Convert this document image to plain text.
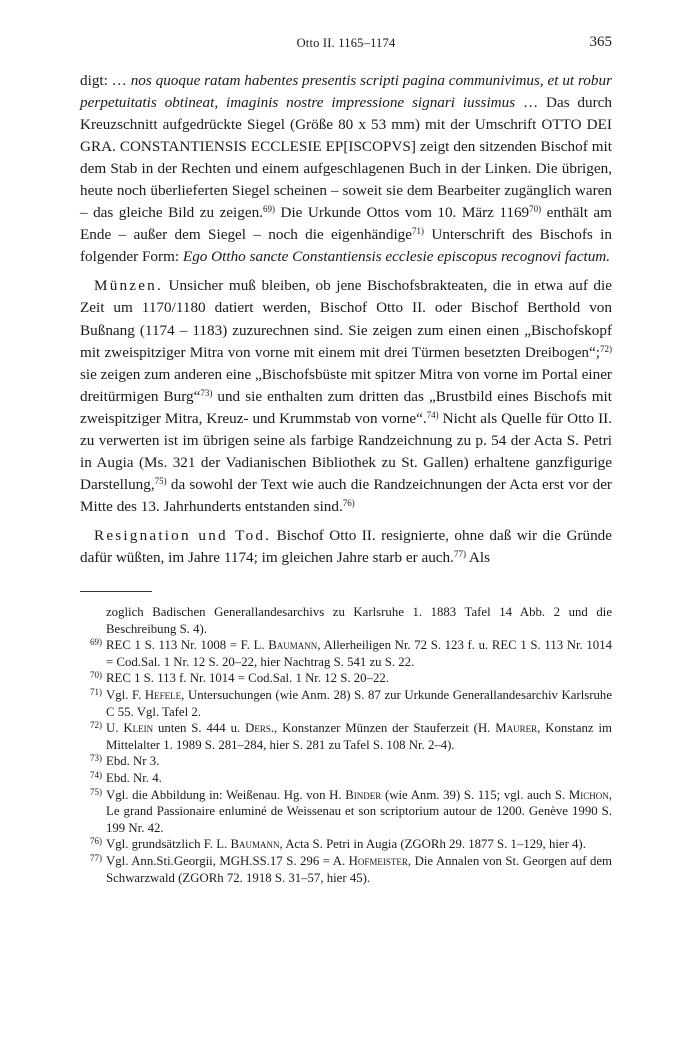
Otto II. 1165–1174	365

digt: … nos quoque ratam habentes presentis scripti pagina communivimus, et ut robur perpetuitatis obtineat, imaginis nostre impressione signari iussimus … Das durch Kreuzschnitt aufgedrückte Siegel (Größe 80 x 53 mm) mit der Umschrift OTTO DEI GRA. CONSTANTIENSIS ECCLESIE EP[ISCOPVS] zeigt den sitzenden Bischof mit dem Stab in der Rechten und einem aufgeschlagenen Buch in der Linken. Die übrigen, heute noch überlieferten Siegel scheinen – soweit sie dem Bearbeiter zugänglich waren – das gleiche Bild zu zeigen.$^{69)}$ Die Urkunde Ottos vom 10. März 1169$^{70)}$ enthält am Ende – außer dem Siegel – noch die eigenhändige$^{71)}$ Unterschrift des Bischofs in folgender Form: Ego Ottho sancte Constantiensis ecclesie episcopus recognovi factum.

Münzen. Unsicher muß bleiben, ob jene Bischofsbrakteaten, die in etwa auf die Zeit um 1170/1180 datiert werden, Bischof Otto II. oder Bischof Berthold von Bußnang (1174 – 1183) zuzurechnen sind. Sie zeigen zum einen einen „Bischofskopf mit zweispitziger Mitra von vorne mit einem mit drei Türmen besetzten Dreibogen“;$^{72)}$ sie zeigen zum anderen eine „Bischofsbüste mit spitzer Mitra von vorne im Portal einer dreitürmigen Burg“$^{73)}$ und sie enthalten zum dritten das „Brustbild eines Bischofs mit zweispitziger Mitra, Kreuz- und Krummstab von vorne“.$^{74)}$ Nicht als Quelle für Otto II. zu verwerten ist im übrigen seine als farbige Randzeichnung zu p. 54 der Acta S. Petri in Augia (Ms. 321 der Vadianischen Bibliothek zu St. Gallen) erhaltene ganzfigurige Darstellung,$^{75)}$ da sowohl der Text wie auch die Randzeichnungen der Acta erst vor der Mitte des 13. Jahrhunderts entstanden sind.$^{76)}$

Resignation und Tod. Bischof Otto II. resignierte, ohne daß wir die Gründe dafür wüßten, im Jahre 1174; im gleichen Jahre starb er auch.$^{77)}$ Als

zoglich Badischen Generallandesarchivs zu Karlsruhe 1. 1883 Tafel 14 Abb. 2 und die Beschreibung S. 4).
$^{69)}$ REC 1 S. 113 Nr. 1008 = F. L. Baumann, Allerheiligen Nr. 72 S. 123 f. u. REC 1 S. 113 Nr. 1014 = Cod.Sal. 1 Nr. 12 S. 20–22, hier Nachtrag S. 541 zu S. 22.
$^{70)}$ REC 1 S. 113 f. Nr. 1014 = Cod.Sal. 1 Nr. 12 S. 20–22.
$^{71)}$ Vgl. F. Hefele, Untersuchungen (wie Anm. 28) S. 87 zur Urkunde Generallandesarchiv Karlsruhe C 55. Vgl. Tafel 2.
$^{72)}$ U. Klein unten S. 444 u. Ders., Konstanzer Münzen der Stauferzeit (H. Maurer, Konstanz im Mittelalter 1. 1989 S. 281–284, hier S. 281 zu Tafel S. 108 Nr. 2–4).
$^{73)}$ Ebd. Nr 3.
$^{74)}$ Ebd. Nr. 4.
$^{75)}$ Vgl. die Abbildung in: Weißenau. Hg. von H. Binder (wie Anm. 39) S. 115; vgl. auch S. Michon, Le grand Passionaire enluminé de Weissenau et son scriptorium autour de 1200. Genève 1990 S. 199 Nr. 42.
$^{76)}$ Vgl. grundsätzlich F. L. Baumann, Acta S. Petri in Augia (ZGORh 29. 1877 S. 1–129, hier 4).
$^{77)}$ Vgl. Ann.Sti.Georgii, MGH.SS.17 S. 296 = A. Hofmeister, Die Annalen von St. Georgen auf dem Schwarzwald (ZGORh 72. 1918 S. 31–57, hier 45).
